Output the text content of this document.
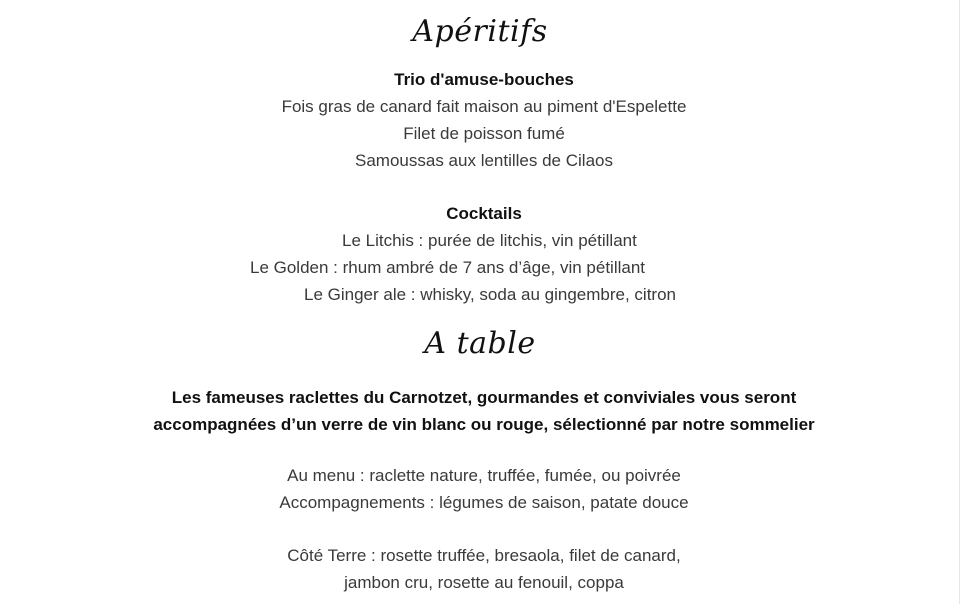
Apéritifs
Trio d'amuse-bouches
Fois gras de canard fait maison au piment d'Espelette
Filet de poisson fumé
Samoussas aux lentilles de Cilaos
Cocktails
Le Litchis : purée de litchis, vin pétillant
Le Golden : rhum ambré de 7 ans d’âge, vin pétillant
Le Ginger ale : whisky, soda au gingembre, citron
A table
Les fameuses raclettes du Carnotzet, gourmandes et conviviales vous seront
accompagnées d’un verre de vin blanc ou rouge, sélectionné par notre sommelier
Au menu : raclette nature, truffée, fumée, ou poivrée
Accompagnements : légumes de saison, patate douce
Côté Terre : rosette truffée, bresaola, filet de canard,
jambon cru, rosette au fenouil, coppa
